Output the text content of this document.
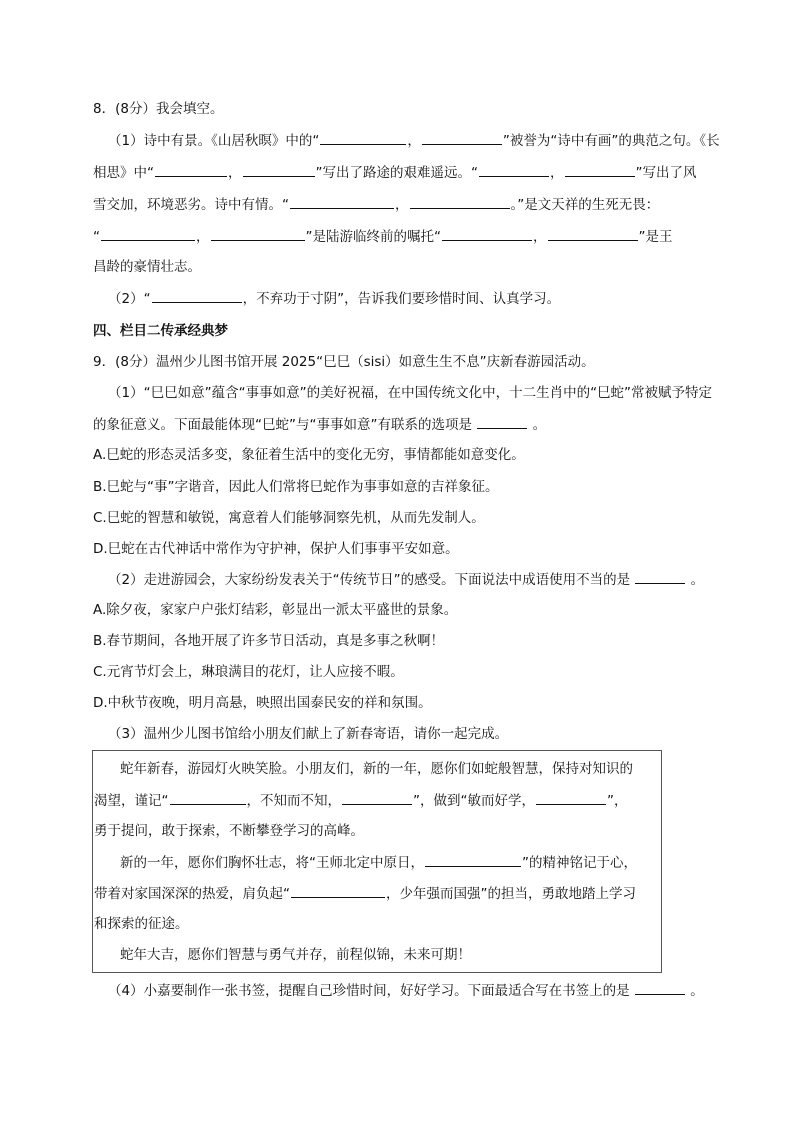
8．(8分）我会填空。
（1）诗中有景。《山居秋暝》中的“	，	”被誉为“诗中有画”的典范之句。《长
相思》中“	，	”写出了路途的艰难遥远。“	，	”写出了风
雪交加，环境恶劣。诗中有情。“	，	。”是文天祥的生死无畏：
“	，	”是陆游临终前的嘱托“	，	”是王
昌龄的豪情壮志。
（2）“	，不弃功于寸阴”，告诉我们要珍惜时间、认真学习。
四、栏目二传承经典梦
9．(8分）温州少儿图书馆开展 2025“巳巳（sisi）如意生生不息”庆新春游园活动。
（1）“巳巳如意”蕴含“事事如意”的美好祝福，在中国传统文化中，十二生肖中的“巳蛇”常被赋予特定
的象征意义。下面最能体现“巳蛇”与“事事如意”有联系的选项是	。
A.巳蛇的形态灵活多变，象征着生活中的变化无穷，事情都能如意变化。
B.巳蛇与“事”字谐音，因此人们常将巳蛇作为事事如意的吉祥象征。
C.巳蛇的智慧和敏锐，寓意着人们能够洞察先机，从而先发制人。
D.巳蛇在古代神话中常作为守护神，保护人们事事平安如意。
（2）走进游园会，大家纷纷发表关于“传统节日”的感受。下面说法中成语使用不当的是	。
A.除夕夜，家家户户张灯结彩，彰显出一派太平盛世的景象。
B.春节期间，各地开展了许多节日活动，真是多事之秋啊！
C.元宵节灯会上，琳琅满目的花灯，让人应接不暇。
D.中秋节夜晚，明月高悬，映照出国泰民安的祥和氛围。
（3）温州少儿图书馆给小朋友们献上了新春寄语，请你一起完成。
蛇年新春，游园灯火映笑脸。小朋友们，新的一年，愿你们如蛇般智慧，保持对知识的
渴望，谨记“	，不知而不知，	”，做到“敏而好学，	”，
勇于提问，敢于探索，不断攀登学习的高峰。
新的一年，愿你们胸怀壮志，将“王师北定中原日，	”的精神铭记于心，
带着对家国深深的热爱，肩负起“	，少年强而国强”的担当，勇敢地踏上学习
和探索的征途。
蛇年大吉，愿你们智慧与勇气并存，前程似锦，未来可期！
（4）小嘉要制作一张书签，提醒自己珍惜时间，好好学习。下面最适合写在书签上的是	。
